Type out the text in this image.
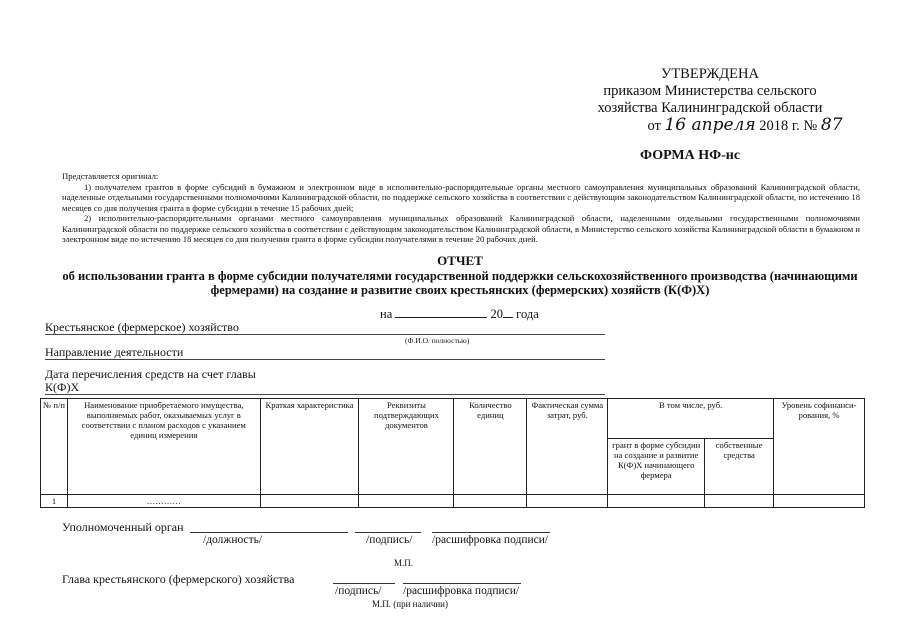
УТВЕРЖДЕНА
приказом Министерства сельского
хозяйства Калининградской области
от 16 апреля 2018 г. № 87
ФОРМА НФ-нс

Представляется оригинал:

1) получателем грантов в форме субсидий в бумажном и электронном виде в исполнительно-распорядительные органы местного самоуправления муниципальных образований Калининградской области, наделенные отдельными государственными полномочиями Калининградской области, по поддержке сельского хозяйства в соответствии с действующим законодательством Калининградской области, по истечению 18 месяцев со дня получения гранта в форме субсидии в течение 15 рабочих дней;

2) исполнительно-распорядительными органами местного самоуправления муниципальных образований Калининградской области, наделенными отдельными государственными полномочиями Калининградской области по поддержке сельского хозяйства в соответствии с действующим законодательством Калининградской области, в Министерство сельского хозяйства Калининградской области в бумажном и электронном виде по истечению 18 месяцев со дня получения гранта в форме субсидии получателями в течение 20 рабочих дней.

ОТЧЕТ
об использовании гранта в форме субсидии получателями государственной поддержки сельскохозяйственного производства (начинающими фермерами) на создание и развитие своих крестьянских (фермерских) хозяйств (К(Ф)Х)
на	20 года
Крестьянское (фермерское) хозяйство
(Ф.И.О. полностью)
Направление деятельности
Дата перечисления средств на счет главы
К(Ф)Х
№ п/п	Наименование приобретаемого имущества, выполняемых работ, оказываемых услуг в соответствии с планом расходов с указанием единиц измерения	Краткая характеристика	Реквизиты подтверждающих документов	Количество единиц	Фактическая сумма затрат, руб.	В том числе, руб.		Уровень софинанси-рования, %
						грант в форме субсидии на создание и развитие К(Ф)Х начинающего фермера	собственные средства	
1	…………							
Уполномоченный орган
/должность/	/подпись/ /расшифровка подписи/
М.П.
Глава крестьянского (фермерского) хозяйства
/подпись/ /расшифровка подписи/
М.П. (при наличии)
